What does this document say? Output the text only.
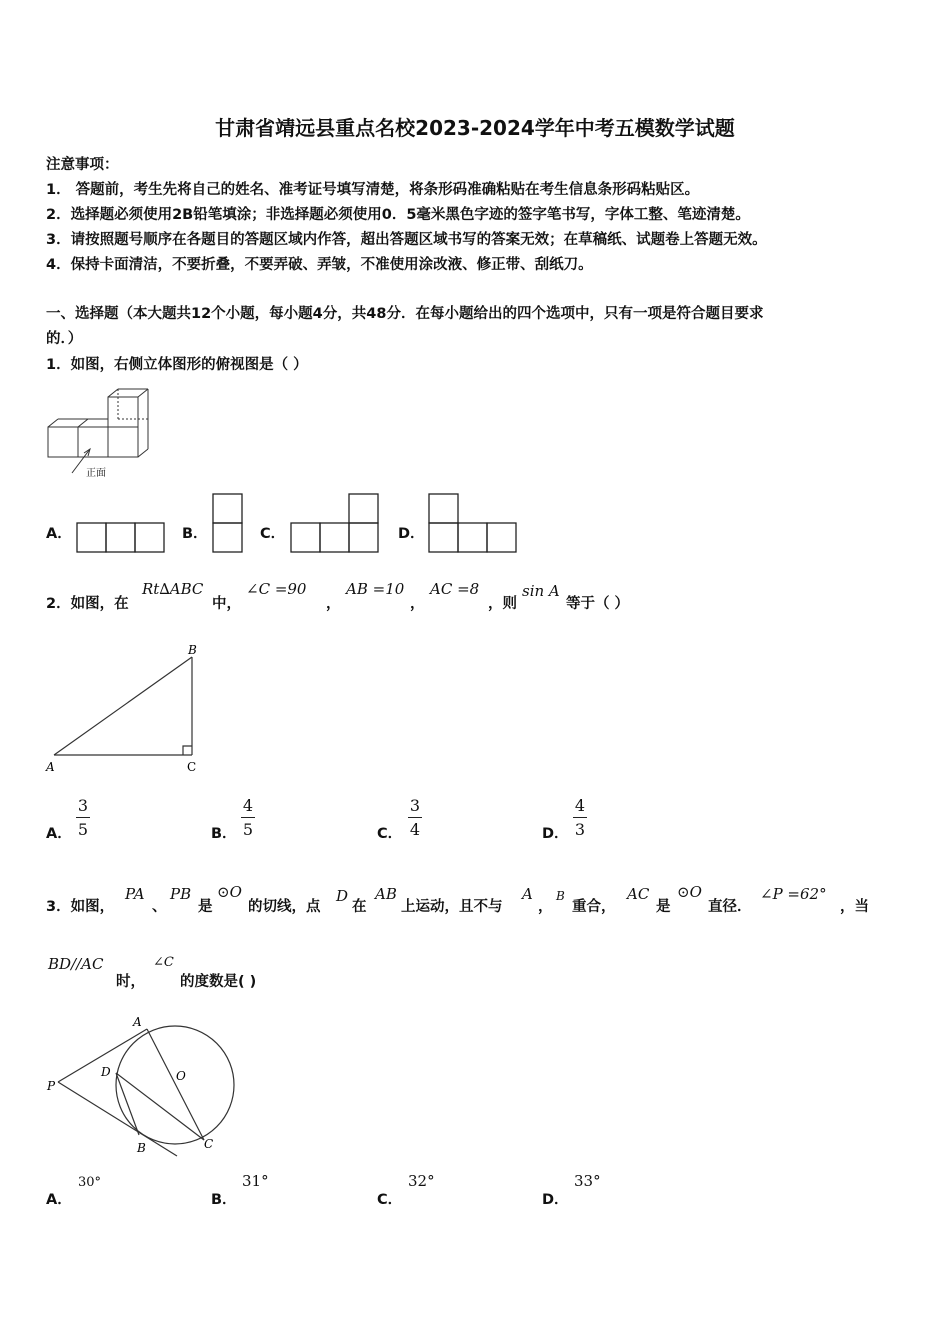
甘肃省靖远县重点名校2023-2024学年中考五模数学试题
注意事项：
1． 答题前，考生先将自己的姓名、准考证号填写清楚，将条形码准确粘贴在考生信息条形码粘贴区。
2．选择题必须使用2B铅笔填涂；非选择题必须使用0．5毫米黑色字迹的签字笔书写，字体工整、笔迹清楚。
3．请按照题号顺序在各题目的答题区域内作答，超出答题区域书写的答案无效；在草稿纸、试题卷上答题无效。
4．保持卡面清洁，不要折叠，不要弄破、弄皱，不准使用涂改液、修正带、刮纸刀。
一、选择题（本大题共12个小题，每小题4分，共48分．在每小题给出的四个选项中，只有一项是符合题目要求
的．）
1．如图，右侧立体图形的俯视图是（ ）
正面
A．	B．	C．	D．
2．如图，在
Rt∆ABC
中，
∠C =90
，
AB =10
，
AC =8
，则
sin A
等于（ ）
B
A	C
A．
3
5	B．
4
5	C．
3
4	D．
4
3
3．如图，
PA
、
PB
是
⊙O
的切线，点
D
在
AB
上运动，且不与
A
，
B
重合，
AC
是
⊙O
直径．
∠P =62°
，当
BD//AC
时，
∠C
的度数是( )
A
D	O
P
B	C
A．
30°
B．
31°
C．
32°
D．
33°
